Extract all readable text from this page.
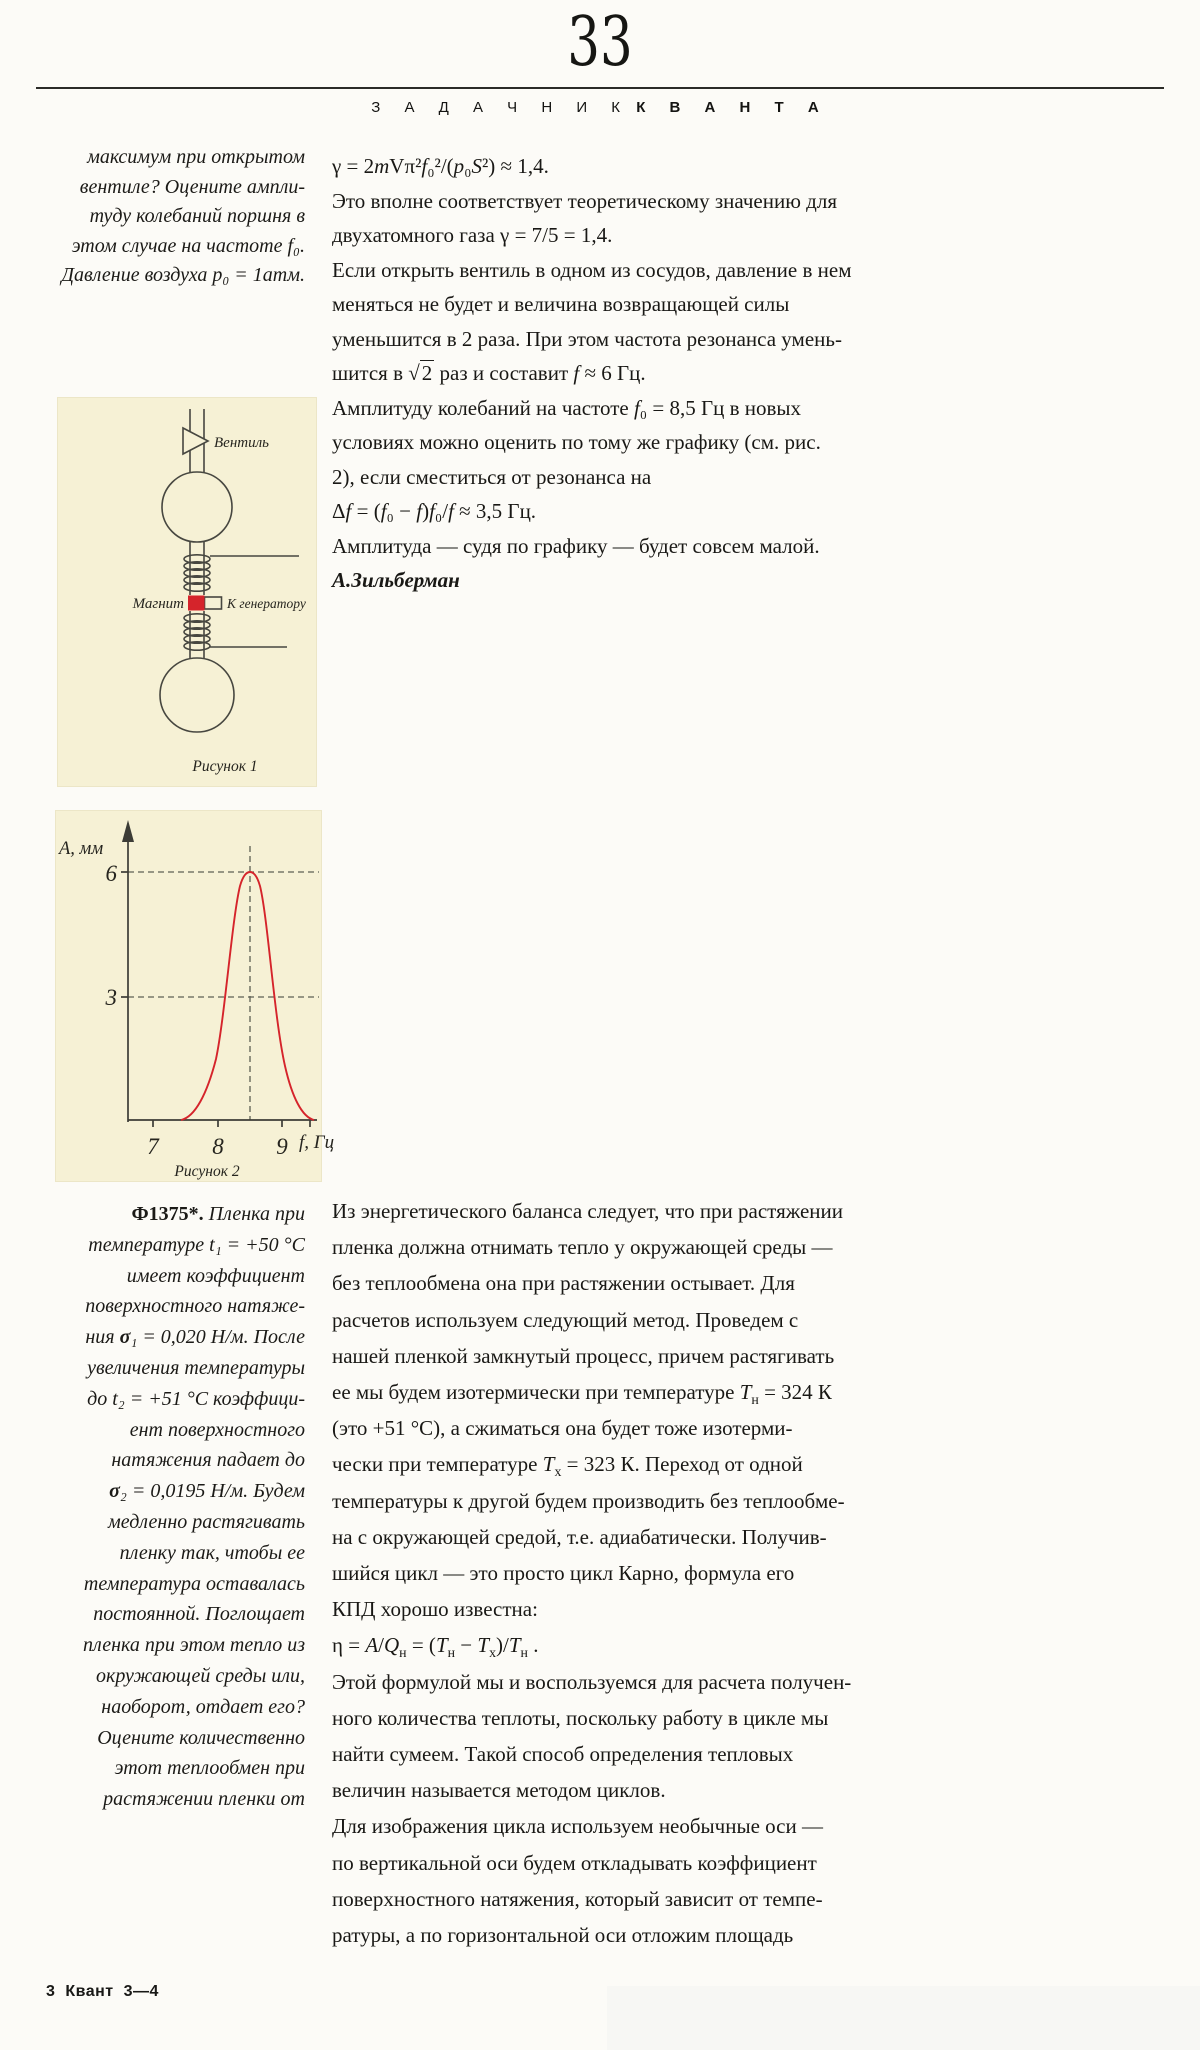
33
З А Д А Ч Н И К К В А Н Т А
максимум при открытом
вентиле? Оцените ампли-
туду колебаний поршня в
этом случае на частоте f₀.
Давление воздуха p₀ = 1атм.
Вентиль
Магнит	К генератору
Рисунок 1
А, мм
6
3
7 8 9 f, Гц
Рисунок 2
Ф1375*. Пленка при
температуре t₁ = +50 °С
имеет коэффициент
поверхностного натяже-
ния σ₁ = 0,020 Н/м. После
увеличения температуры
до t₂ = +51 °С коэффици-
ент поверхностного
натяжения падает до
σ₂ = 0,0195 Н/м. Будем
медленно растягивать
пленку так, чтобы ее
температура оставалась
постоянной. Поглощает
пленка при этом тепло из
окружающей среды или,
наоборот, отдает его?
Оцените количественно
этот теплообмен при
растяжении пленки от
γ = 2mVπ²f₀²/(p₀S²) ≈ 1,4.
Это вполне соответствует теоретическому значению для
двухатомного газа γ = 7/5 = 1,4.
Если открыть вентиль в одном из сосудов, давление в нем
меняться не будет и величина возвращающей силы
уменьшится в 2 раза. При этом частота резонанса умень-
шится в √2 раз и составит f ≈ 6 Гц.
Амплитуду колебаний на частоте f₀ = 8,5 Гц в новых
условиях можно оценить по тому же графику (см. рис.
2), если сместиться от резонанса на
Δf = (f₀ − f)f₀/f ≈ 3,5 Гц.
Амплитуда — судя по графику — будет совсем малой.
А.Зильберман
Из энергетического баланса следует, что при растяжении
пленка должна отнимать тепло у окружающей среды —
без теплообмена она при растяжении остывает. Для
расчетов используем следующий метод. Проведем с
нашей пленкой замкнутый процесс, причем растягивать
ее мы будем изотермически при температуре $T_н = 324$ К
(это +51 °С), а сжиматься она будет тоже изотерми-
чески при температуре $T_х = 323$ К. Переход от одной
температуры к другой будем производить без теплообме-
на с окружающей средой, т.е. адиабатически. Получив-
шийся цикл — это просто цикл Карно, формула его
КПД хорошо известна:
$\eta = A/Q_н = (T_н - T_х)/T_н$ .
Этой формулой мы и воспользуемся для расчета получен-
ного количества теплоты, поскольку работу в цикле мы
найти сумеем. Такой способ определения тепловых
величин называется методом циклов.
Для изображения цикла используем необычные оси —
по вертикальной оси будем откладывать коэффициент
поверхностного натяжения, который зависит от темпе-
ратуры, а по горизонтальной оси отложим площадь
3 Квант 3—4
